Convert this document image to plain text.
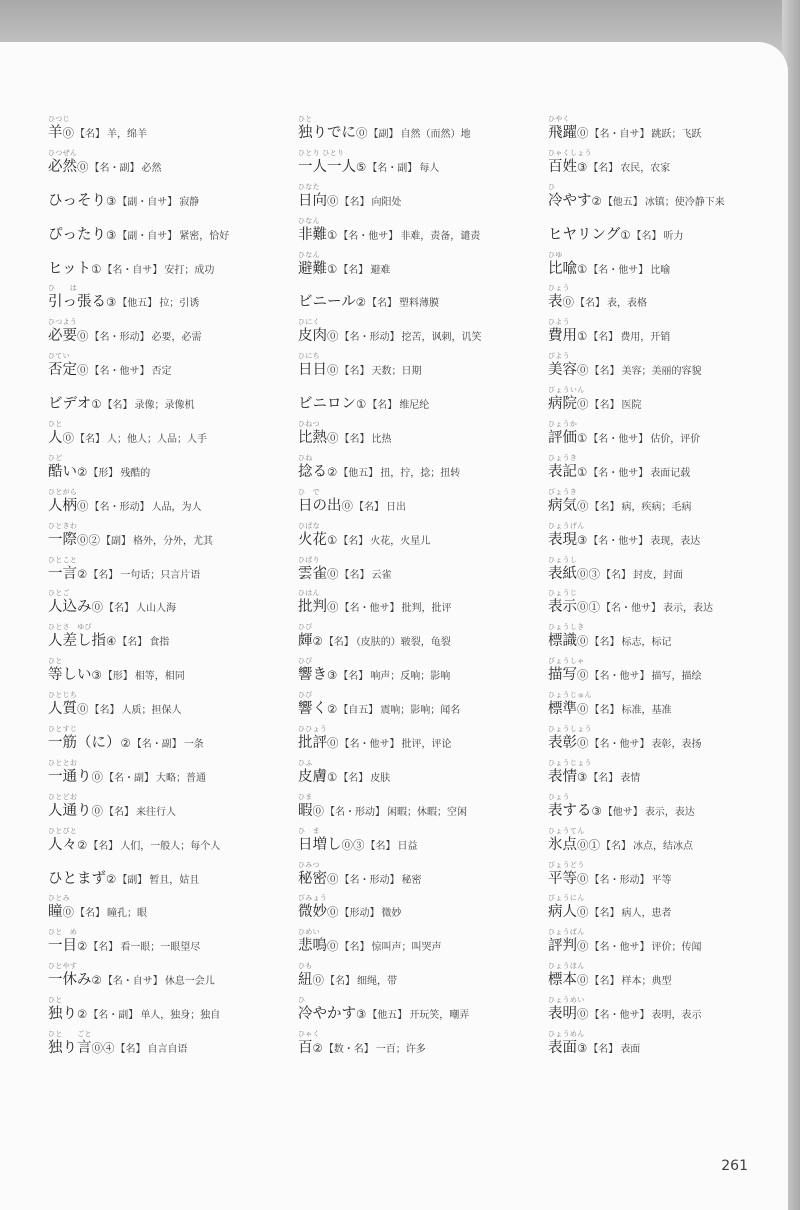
ひつじ
羊⓪【名】 羊，绵羊
ひつぜん
必然⓪【名・副】 必然
ひっそり③【副・自サ】 寂静
ぴったり③【副・自サ】 紧密，恰好
ヒット①【名・自サ】 安打；成功
ひ　　は
引っ張る③【他五】 拉；引诱
ひつよう
必要⓪【名・形动】 必要，必需
ひてい
否定⓪【名・他サ】 否定
ビデオ①【名】 录像；录像机
ひと
人⓪【名】 人；他人；人品；人手
ひど
酷い②【形】 残酷的
ひとがら
人柄⓪【名・形动】 人品，为人
ひときわ
一際⓪②【副】 格外，分外，尤其
ひとこと
一言②【名】 一句话；只言片语
ひとご
人込み⓪【名】 人山人海
ひとさ　ゆび
人差し指④【名】 食指
ひと
等しい③【形】 相等，相同
ひとじち
人質⓪【名】 人质；担保人
ひとすじ
一筋（に）②【名・副】 一条
ひととお
一通り⓪【名・副】 大略；普通
ひとどお
人通り⓪【名】 来往行人
ひとびと
人々②【名】 人们，一般人；每个人
ひとまず②【副】 暂且，姑且
ひとみ
瞳⓪【名】 瞳孔；眼
ひと　め
一目②【名】 看一眼；一眼望尽
ひとやす
一休み②【名・自サ】 休息一会儿
ひと
独り②【名・副】 单人，独身；独自
ひと　　ごと
独り言⓪④【名】 自言自语
ひと
独りでに⓪【副】 自然（而然）地
ひとり ひとり
一人一人⑤【名・副】 每人
ひなた
日向⓪【名】 向阳处
ひなん
非難①【名・他サ】 非难，责备，谴责
ひなん
避難①【名】 避难
ビニール②【名】 塑料薄膜
ひにく
皮肉⓪【名・形动】 挖苦，讽刺，讥笑
ひにち
日日⓪【名】 天数；日期
ビニロン①【名】 维尼纶
ひねつ
比熱⓪【名】 比热
ひね
捻る②【他五】 扭，拧，捻；扭转
ひ　で
日の出⓪【名】 日出
ひばな
火花①【名】 火花，火星儿
ひばり
雲雀⓪【名】 云雀
ひはん
批判⓪【名・他サ】 批判，批评
ひび
皹②【名】 （皮肤的）皲裂，龟裂
ひび
響き③【名】 响声；反响；影响
ひび
響く②【自五】 震响；影响；闻名
ひひょう
批評⓪【名・他サ】 批评，评论
ひふ
皮膚①【名】 皮肤
ひま
暇⓪【名・形动】 闲暇；休暇；空闲
ひ　ま
日増し⓪③【名】 日益
ひみつ
秘密⓪【名・形动】 秘密
びみょう
微妙⓪【形动】 微妙
ひめい
悲鳴⓪【名】 惊叫声；叫哭声
ひも
紐⓪【名】 细绳，带
ひ
冷やかす③【他五】 开玩笑，嘲弄
ひゃく
百②【数・名】 一百；许多
ひやく
飛躍⓪【名・自サ】 跳跃；飞跃
ひゃくしょう
百姓③【名】 农民，农家
ひ
冷やす②【他五】 冰镇；使冷静下来
ヒヤリング①【名】 听力
ひゆ
比喩①【名・他サ】 比喻
ひょう
表⓪【名】 表，表格
ひよう
費用①【名】 费用，开销
びよう
美容⓪【名】 美容；美丽的容貌
びょういん
病院⓪【名】 医院
ひょうか
評価①【名・他サ】 估价，评价
ひょうき
表記①【名・他サ】 表面记载
びょうき
病気⓪【名】 病，疾病；毛病
ひょうげん
表現③【名・他サ】 表现，表达
ひょうし
表紙⓪③【名】 封皮，封面
ひょうじ
表示⓪①【名・他サ】 表示，表达
ひょうしき
標識⓪【名】 标志，标记
びょうしゃ
描写⓪【名・他サ】 描写，描绘
ひょうじゅん
標準⓪【名】 标准，基准
ひょうしょう
表彰⓪【名・他サ】 表彰，表扬
ひょうじょう
表情③【名】 表情
ひょう
表する③【他サ】 表示，表达
ひょうてん
氷点⓪①【名】 冰点，结冰点
びょうどう
平等⓪【名・形动】 平等
びょうにん
病人⓪【名】 病人，患者
ひょうばん
評判⓪【名・他サ】 评价；传闻
ひょうほん
標本⓪【名】 样本；典型
ひょうめい
表明⓪【名・他サ】 表明，表示
ひょうめん
表面③【名】 表面
261
